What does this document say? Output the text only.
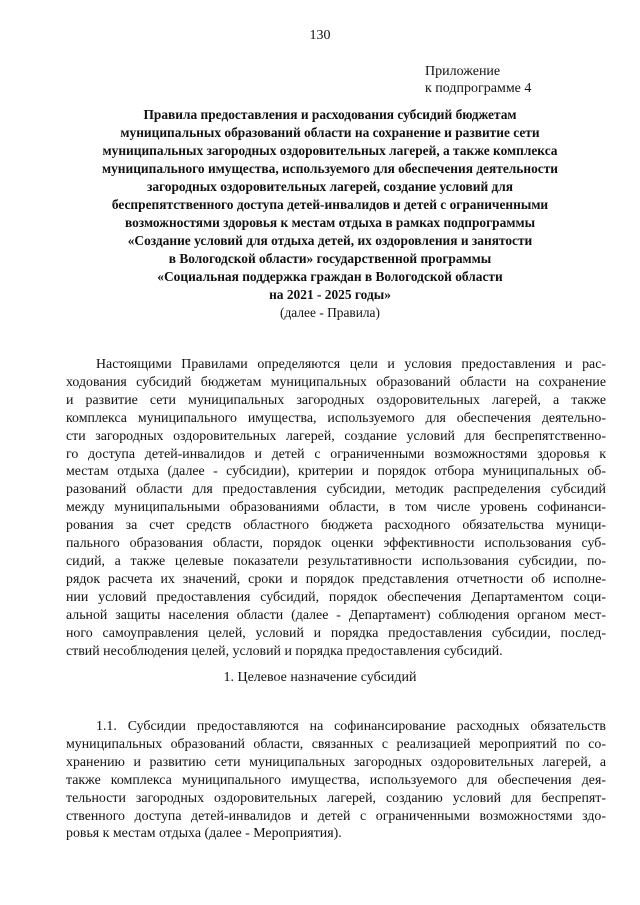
130
Приложение
к подпрограмме 4
Правила предоставления и расходования субсидий бюджетам
муниципальных образований области на сохранение и развитие сети
муниципальных загородных оздоровительных лагерей, а также комплекса
муниципального имущества, используемого для обеспечения деятельности
загородных оздоровительных лагерей, создание условий для
беспрепятственного доступа детей-инвалидов и детей с ограниченными
возможностями здоровья к местам отдыха в рамках подпрограммы
«Создание условий для отдыха детей, их оздоровления и занятости
в Вологодской области» государственной программы
«Социальная поддержка граждан в Вологодской области
на 2021 - 2025 годы»
(далее - Правила)
Настоящими Правилами определяются цели и условия предоставления и рас-
ходования субсидий бюджетам муниципальных образований области на сохранение
и развитие сети муниципальных загородных оздоровительных лагерей, а также
комплекса муниципального имущества, используемого для обеспечения деятельно-
сти загородных оздоровительных лагерей, создание условий для беспрепятственно-
го доступа детей-инвалидов и детей с ограниченными возможностями здоровья к
местам отдыха (далее - субсидии), критерии и порядок отбора муниципальных об-
разований области для предоставления субсидии, методик распределения субсидий
между муниципальными образованиями области, в том числе уровень софинанси-
рования за счет средств областного бюджета расходного обязательства муници-
пального образования области, порядок оценки эффективности использования суб-
сидий, а также целевые показатели результативности использования субсидии, по-
рядок расчета их значений, сроки и порядок представления отчетности об исполне-
нии условий предоставления субсидий, порядок обеспечения Департаментом соци-
альной защиты населения области (далее - Департамент) соблюдения органом мест-
ного самоуправления целей, условий и порядка предоставления субсидии, послед-
ствий несоблюдения целей, условий и порядка предоставления субсидий.
1. Целевое назначение субсидий
1.1. Субсидии предоставляются на софинансирование расходных обязательств
муниципальных образований области, связанных с реализацией мероприятий по со-
хранению и развитию сети муниципальных загородных оздоровительных лагерей, а
также комплекса муниципального имущества, используемого для обеспечения дея-
тельности загородных оздоровительных лагерей, созданию условий для беспрепят-
ственного доступа детей-инвалидов и детей с ограниченными возможностями здо-
ровья к местам отдыха (далее - Мероприятия).
